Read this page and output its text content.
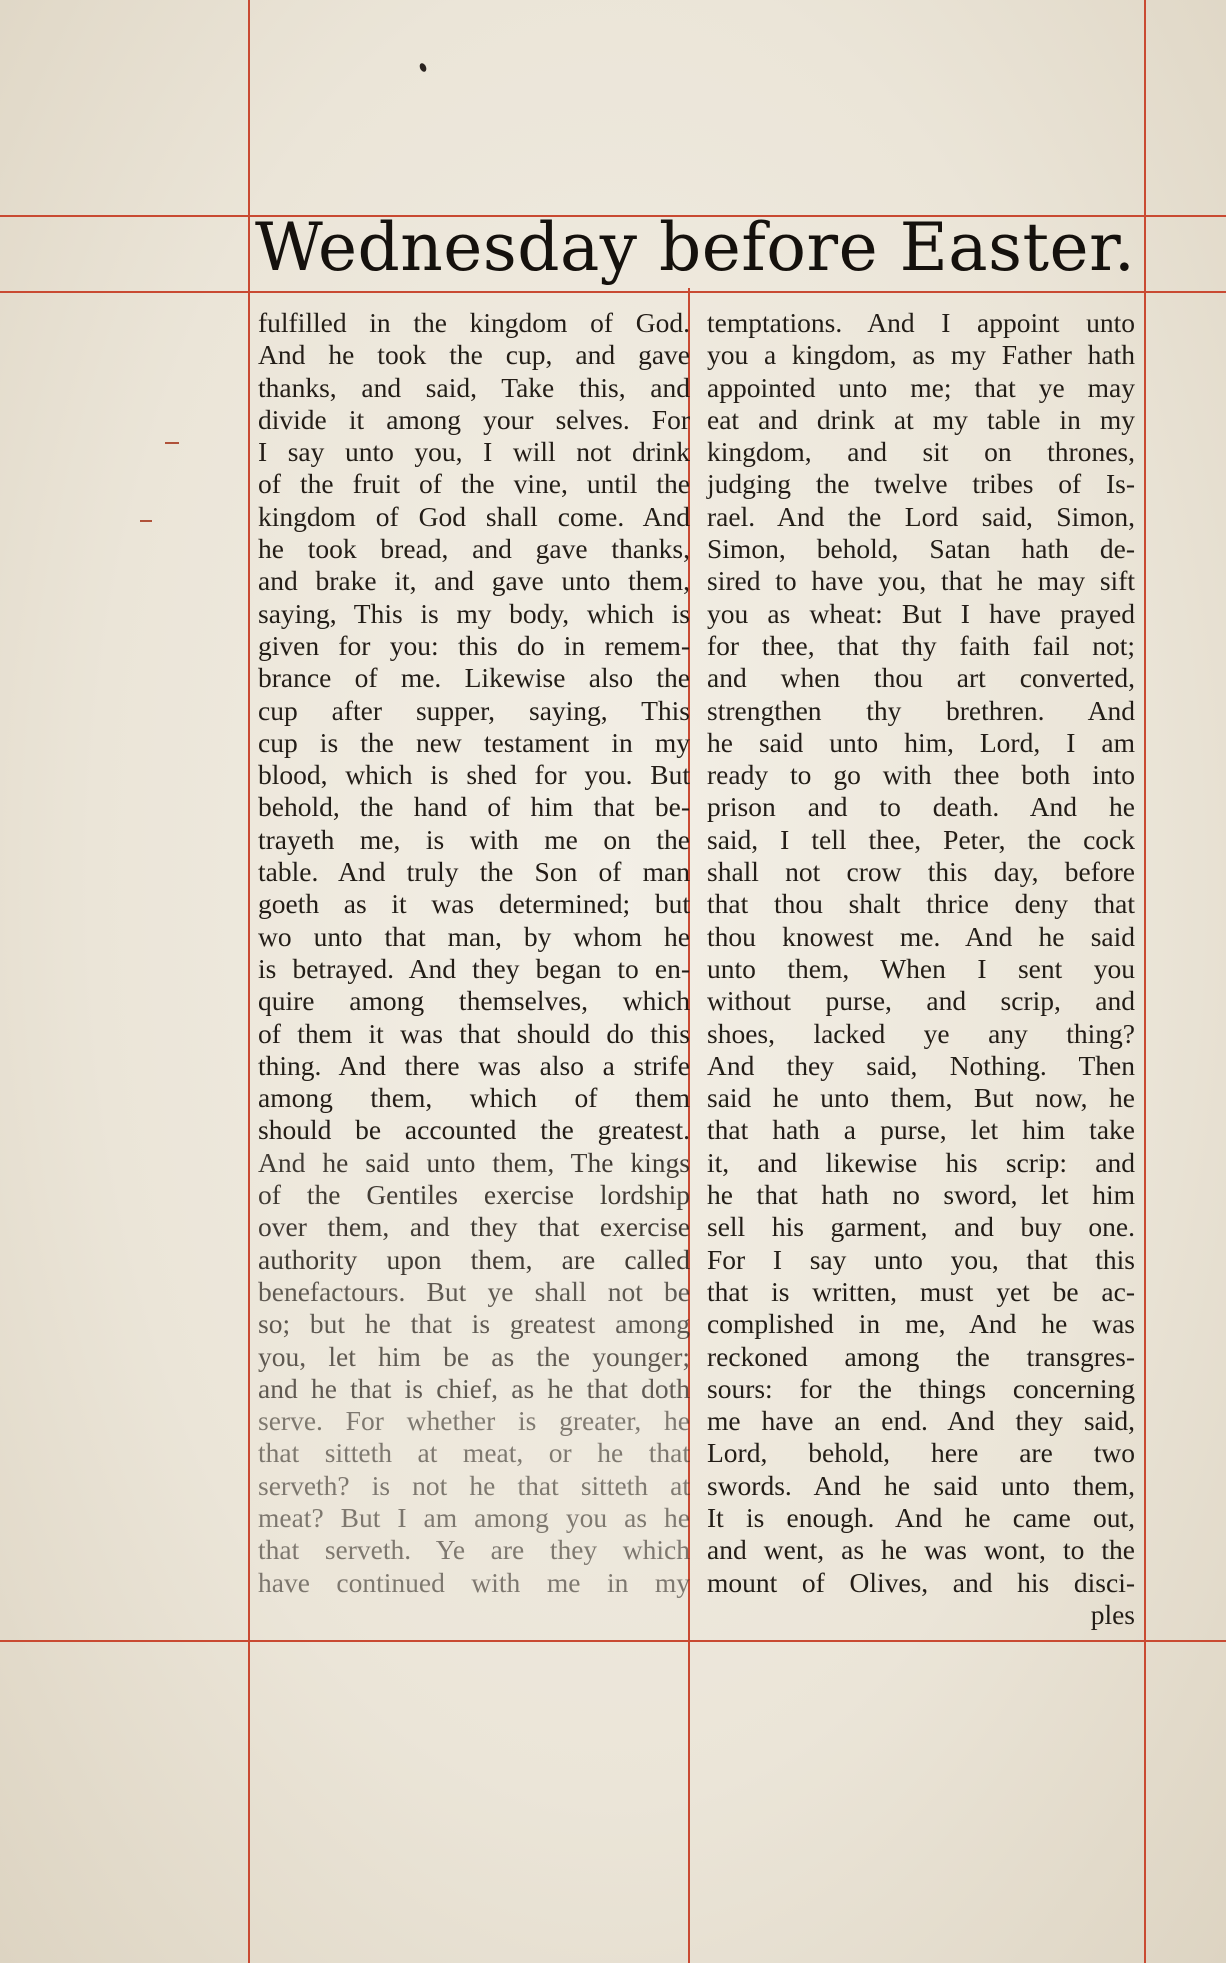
Wednesday before Easter.
fulfilled in the kingdom of God.
And he took the cup, and gave
thanks, and said, Take this, and
divide it among your selves. For
I say unto you, I will not drink
of the fruit of the vine, until the
kingdom of God shall come. And
he took bread, and gave thanks,
and brake it, and gave unto them,
saying, This is my body, which is
given for you: this do in remem-
brance of me. Likewise also the
cup after supper, saying, This
cup is the new testament in my
blood, which is shed for you. But
behold, the hand of him that be-
trayeth me, is with me on the
table. And truly the Son of man
goeth as it was determined; but
wo unto that man, by whom he
is betrayed. And they began to en-
quire among themselves, which
of them it was that should do this
thing. And there was also a strife
among them, which of them
should be accounted the greatest.
And he said unto them, The kings
of the Gentiles exercise lordship
over them, and they that exercise
authority upon them, are called
benefactours. But ye shall not be
so; but he that is greatest among
you, let him be as the younger;
and he that is chief, as he that doth
serve. For whether is greater, he
that sitteth at meat, or he that
serveth? is not he that sitteth at
meat? But I am among you as he
that serveth. Ye are they which
have continued with me in my
temptations. And I appoint unto
you a kingdom, as my Father hath
appointed unto me; that ye may
eat and drink at my table in my
kingdom, and sit on thrones,
judging the twelve tribes of Is-
rael. And the Lord said, Simon,
Simon, behold, Satan hath de-
sired to have you, that he may sift
you as wheat: But I have prayed
for thee, that thy faith fail not;
and when thou art converted,
strengthen thy brethren. And
he said unto him, Lord, I am
ready to go with thee both into
prison and to death. And he
said, I tell thee, Peter, the cock
shall not crow this day, before
that thou shalt thrice deny that
thou knowest me. And he said
unto them, When I sent you
without purse, and scrip, and
shoes, lacked ye any thing?
And they said, Nothing. Then
said he unto them, But now, he
that hath a purse, let him take
it, and likewise his scrip: and
he that hath no sword, let him
sell his garment, and buy one.
For I say unto you, that this
that is written, must yet be ac-
complished in me, And he was
reckoned among the transgres-
sours: for the things concerning
me have an end. And they said,
Lord, behold, here are two
swords. And he said unto them,
It is enough. And he came out,
and went, as he was wont, to the
mount of Olives, and his disci-
ples
